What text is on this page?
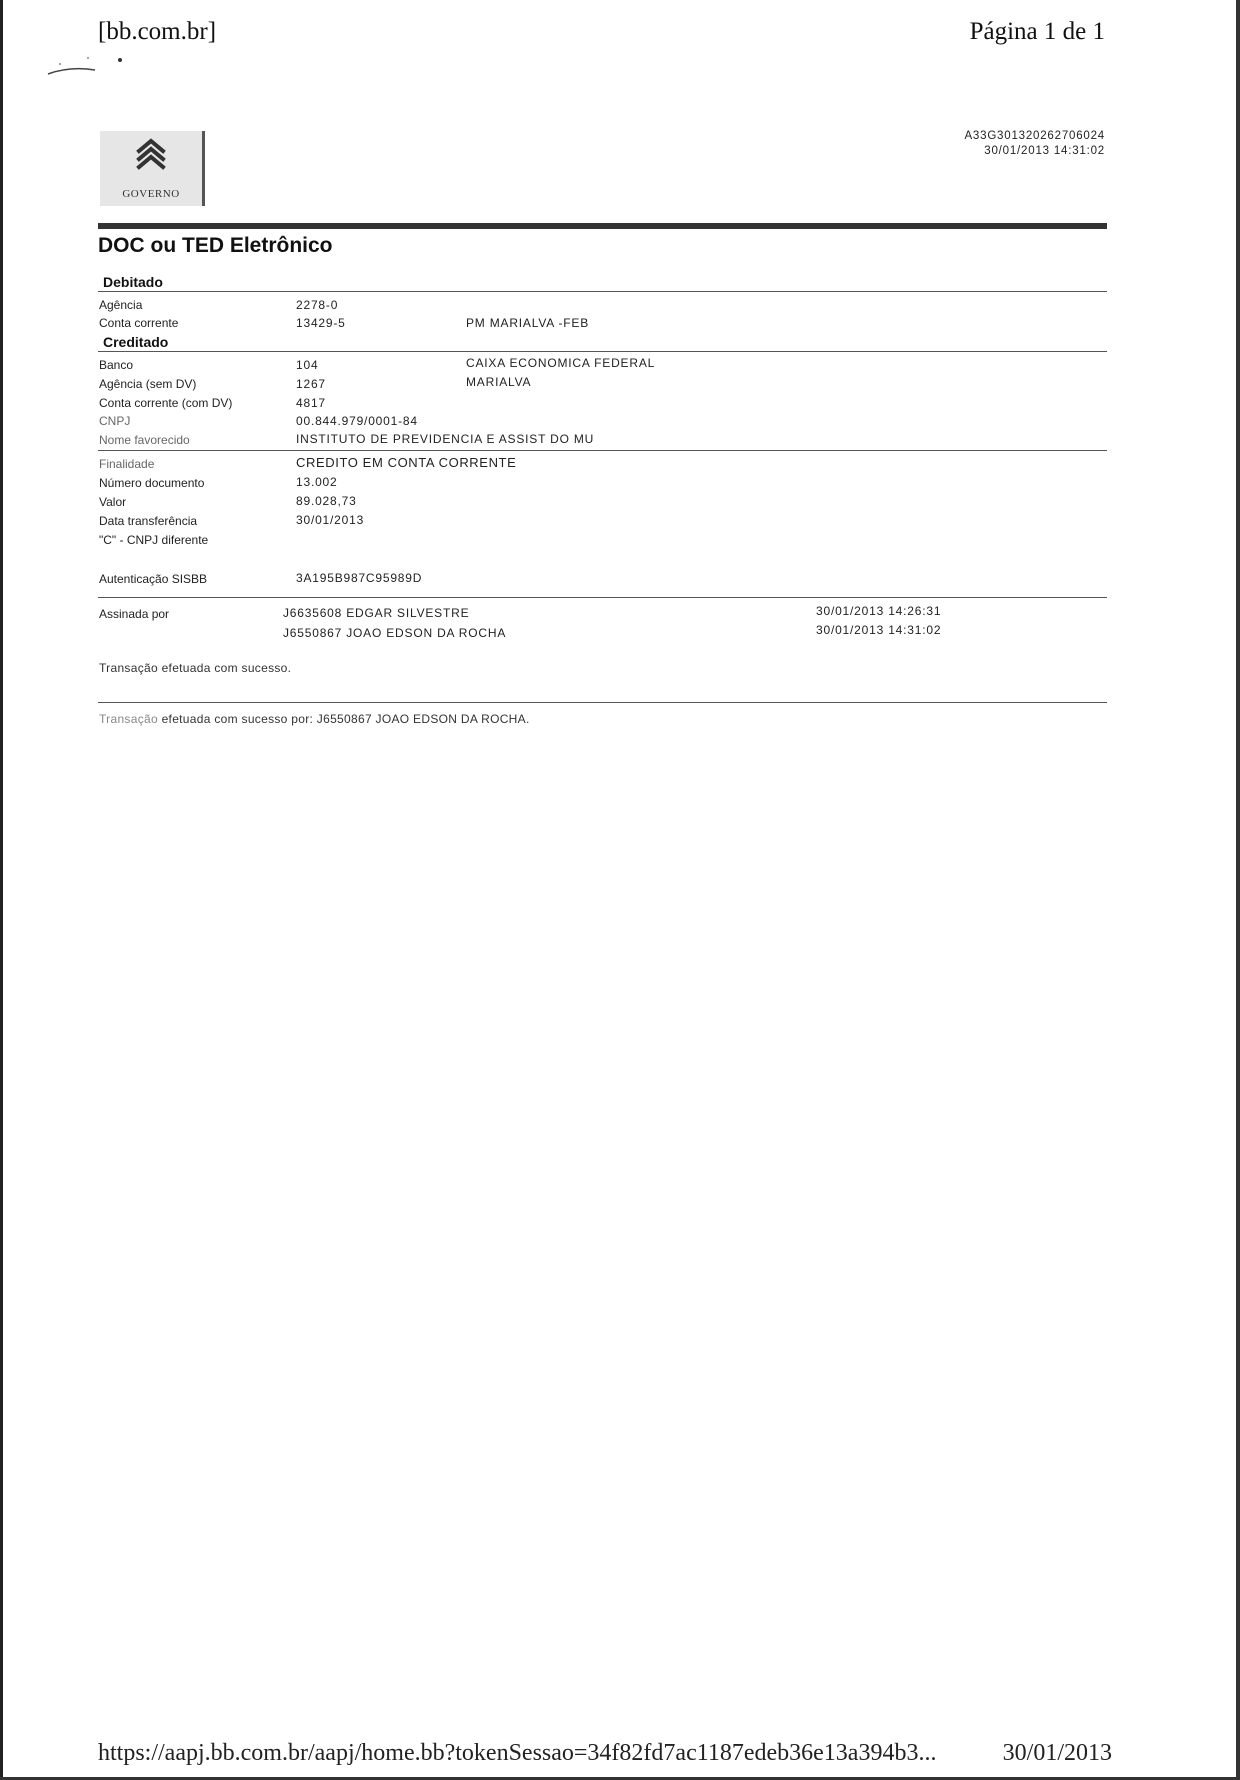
[bb.com.br]	Página 1 de 1
GOVERNO
A33G301320262706024
30/01/2013 14:31:02
DOC ou TED Eletrônico
Debitado
Agência	2278-0
Conta corrente	13429-5	PM MARIALVA -FEB
Creditado
Banco	104	CAIXA ECONOMICA FEDERAL
Agência (sem DV)	1267	MARIALVA
Conta corrente (com DV)	4817
CNPJ	00.844.979/0001-84
Nome favorecido	INSTITUTO DE PREVIDENCIA E ASSIST DO MU
Finalidade	CREDITO EM CONTA CORRENTE
Número documento	13.002
Valor	89.028,73
Data transferência	30/01/2013
"C" - CNPJ diferente
Autenticação SISBB	3A195B987C95989D
Assinada por	J6635608 EDGAR SILVESTRE	30/01/2013 14:26:31
J6550867 JOAO EDSON DA ROCHA	30/01/2013 14:31:02
Transação efetuada com sucesso.
Transação efetuada com sucesso por: J6550867 JOAO EDSON DA ROCHA.
https://aapj.bb.com.br/aapj/home.bb?tokenSessao=34f82fd7ac1187edeb36e13a394b3...	30/01/2013
